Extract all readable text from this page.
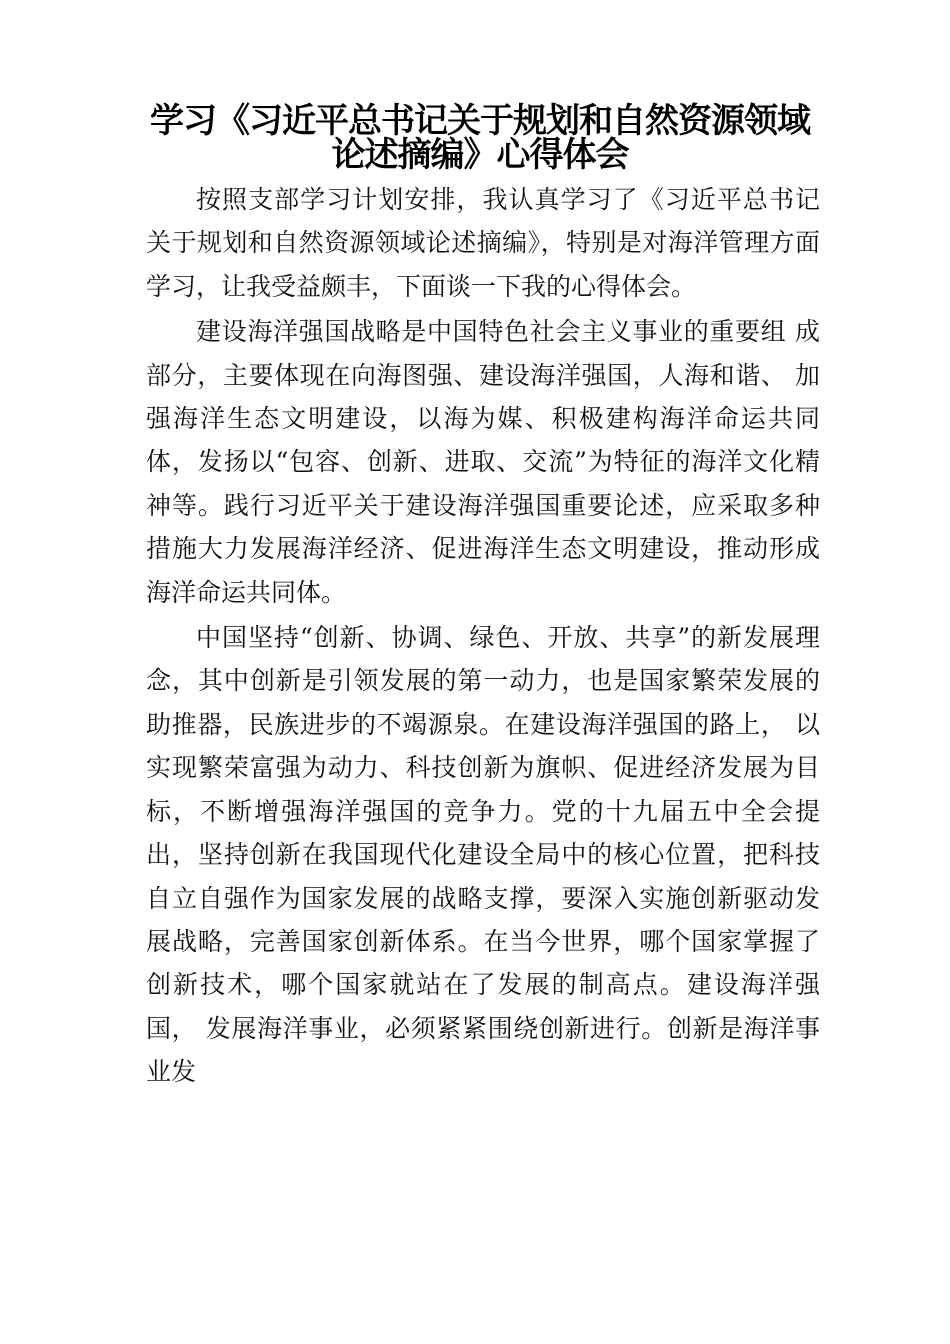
学习《习近平总书记关于规划和自然资源领域论述摘编》心得体会

按照支部学习计划安排，我认真学习了《习近平总书记关于规划和自然资源领域论述摘编》，特别是对海洋管理方面学习，让我受益颇丰，下面谈一下我的心得体会。

建设海洋强国战略是中国特色社会主义事业的重要组 成部分，主要体现在向海图强、建设海洋强国，人海和谐、 加强海洋生态文明建设，以海为媒、积极建构海洋命运共同体，发扬以“包容、创新、进取、交流”为特征的海洋文化精神等。践行习近平关于建设海洋强国重要论述，应采取多种措施大力发展海洋经济、促进海洋生态文明建设，推动形成海洋命运共同体。

中国坚持“创新、协调、绿色、开放、共享”的新发展理念，其中创新是引领发展的第一动力，也是国家繁荣发展的助推器，民族进步的不竭源泉。在建设海洋强国的路上， 以实现繁荣富强为动力、科技创新为旗帜、促进经济发展为目标，不断增强海洋强国的竞争力。党的十九届五中全会提出，坚持创新在我国现代化建设全局中的核心位置，把科技自立自强作为国家发展的战略支撑，要深入实施创新驱动发展战略，完善国家创新体系。在当今世界，哪个国家掌握了创新技术，哪个国家就站在了发展的制高点。建设海洋强国， 发展海洋事业，必须紧紧围绕创新进行。创新是海洋事业发
